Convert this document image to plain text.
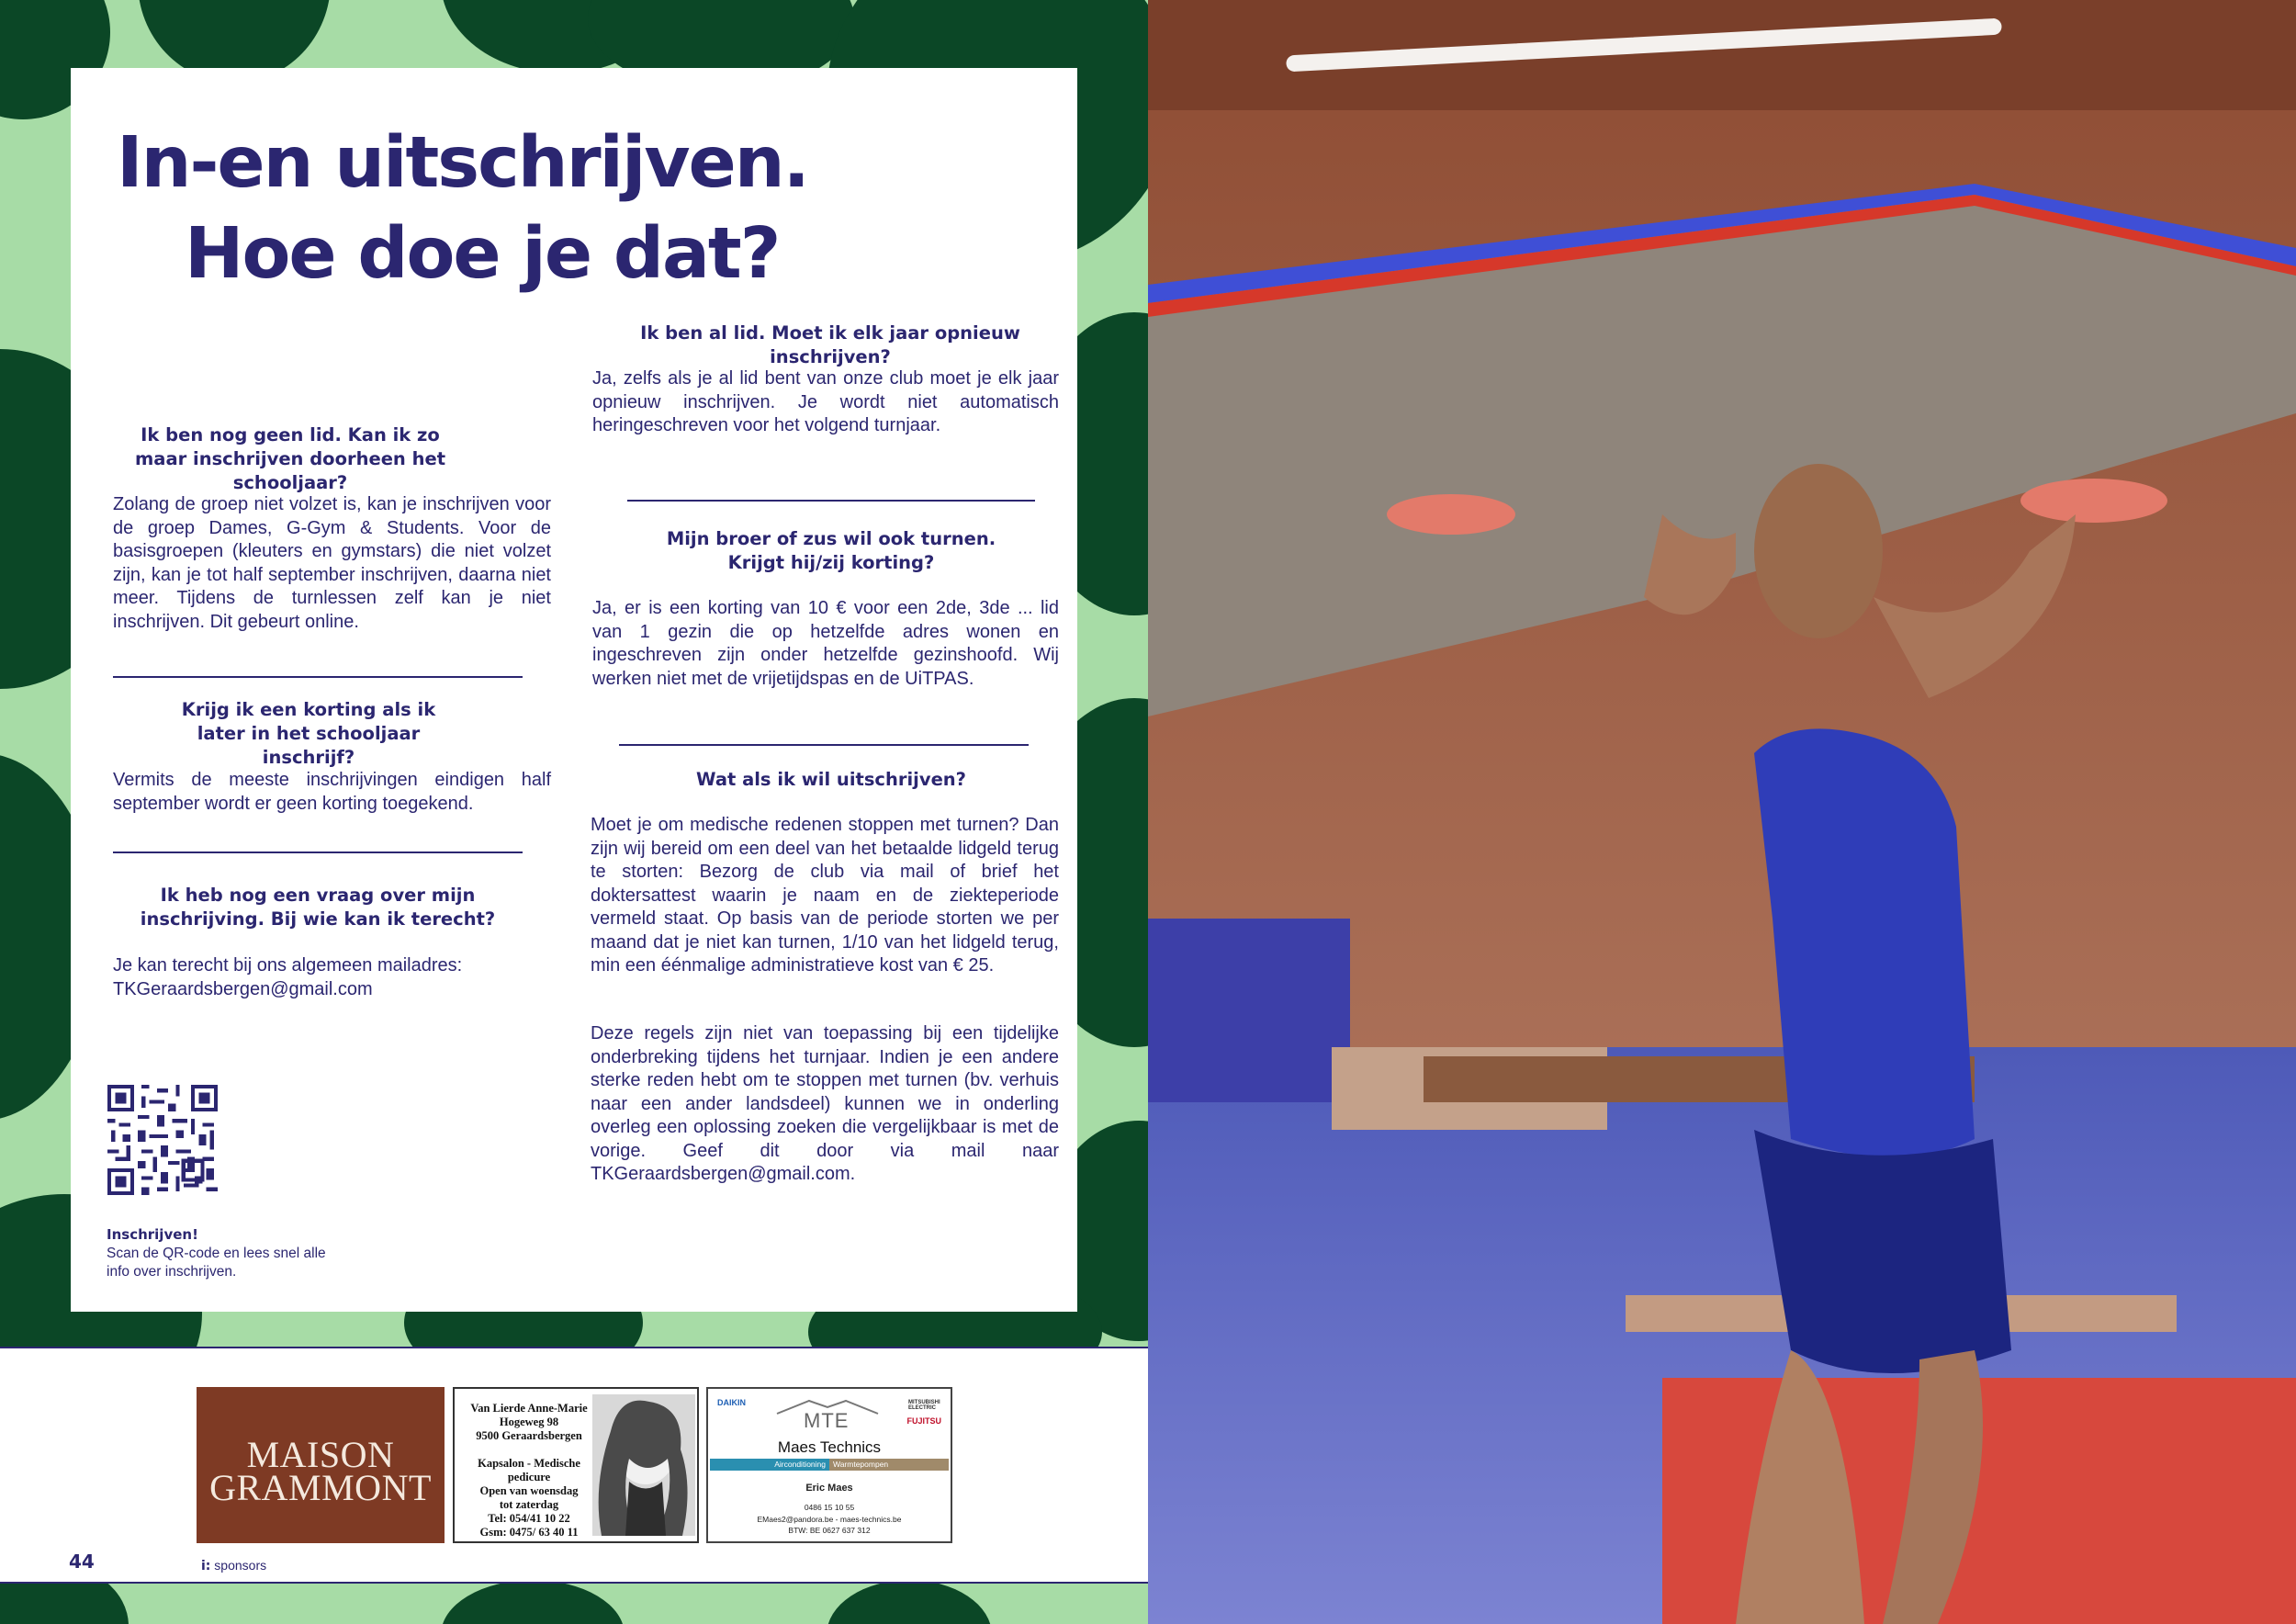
In-en uitschrijven.
Hoe doe je dat?
Ik ben nog geen lid. Kan ik zo maar inschrijven doorheen het schooljaar?
Zolang de groep niet volzet is, kan je inschrijven voor de groep Dames, G-Gym & Students. Voor de basisgroepen (kleuters en gymstars) die niet volzet zijn, kan je tot half september inschrijven, daarna niet meer. Tijdens de turnlessen zelf kan je niet inschrijven. Dit gebeurt online.
Krijg ik een korting als ik later in het schooljaar inschrijf?
Vermits de meeste inschrijvingen eindigen half september wordt er geen korting toegekend.
Ik heb nog een vraag over mijn inschrijving. Bij wie kan ik terecht?
Je kan terecht bij ons algemeen mailadres: TKGeraardsbergen@gmail.com
Ik ben al lid. Moet ik elk jaar opnieuw inschrijven?
Ja, zelfs als je al lid bent van onze club moet je elk jaar opnieuw inschrijven. Je wordt niet automatisch heringeschreven voor het volgend turnjaar.
Mijn broer of zus wil ook turnen. Krijgt hij/zij korting?
Ja, er is een korting van 10 € voor een 2de, 3de ... lid van 1 gezin die op hetzelfde adres wonen en ingeschreven zijn onder hetzelfde gezinshoofd. Wij werken niet met de vrijetijdspas en de UiTPAS.
Wat als ik wil uitschrijven?
Moet je om medische redenen stoppen met turnen? Dan zijn wij bereid om een deel van het betaalde lidgeld terug te storten: Bezorg de club via mail of brief het doktersattest waarin je naam en de ziekteperiode vermeld staat. Op basis van de periode storten we per maand dat je niet kan turnen, 1/10 van het lidgeld terug, min een éénmalige administratieve kost van € 25.
Deze regels zijn niet van toepassing bij een tijdelijke onderbreking tijdens het turnjaar. Indien je een andere sterke reden hebt om te stoppen met turnen (bv. verhuis naar een ander landsdeel) kunnen we in onderling overleg een oplossing zoeken die vergelijkbaar is met de vorige. Geef dit door via mail naar TKGeraardsbergen@gmail.com.
Inschrijven!
Scan de QR-code en lees snel alle
info over inschrijven.
MAISON
GRAMMONT
Van Lierde Anne-Marie
Hogeweg 98
9500 Geraardsbergen

Kapsalon - Medische pedicure
Open van woensdag
tot zaterdag
Tel: 054/41 10 22
Gsm: 0475/ 63 40 11
DAIKIN
MTE
MITSUBISHI ELECTRIC
FUJITSU
Maes Technics
Airconditioning Warmtepompen
Eric Maes
0486 15 10 55
EMaes2@pandora.be - maes-technics.be
BTW: BE 0627 637 312
44	i: sponsors
